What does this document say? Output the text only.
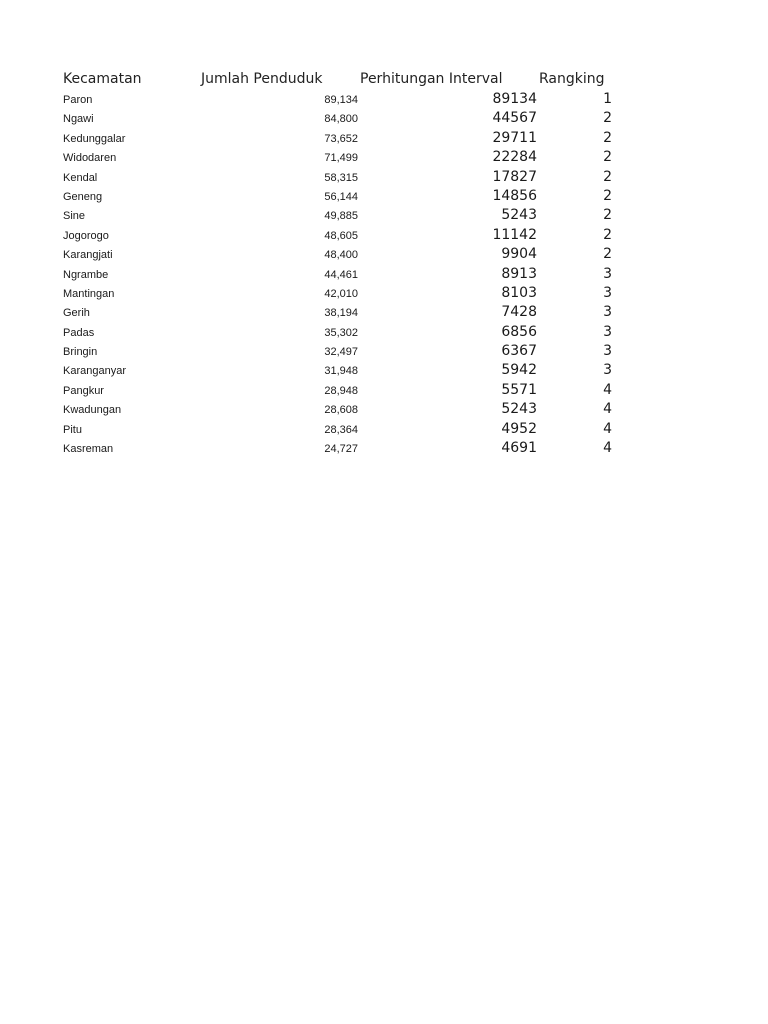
Kecamatan	Jumlah Penduduk	Perhitungan Interval	Rangking
Paron	89,134	89134	1
Ngawi	84,800	44567	2
Kedunggalar	73,652	29711	2
Widodaren	71,499	22284	2
Kendal	58,315	17827	2
Geneng	56,144	14856	2
Sine	49,885	5243	2
Jogorogo	48,605	11142	2
Karangjati	48,400	9904	2
Ngrambe	44,461	8913	3
Mantingan	42,010	8103	3
Gerih	38,194	7428	3
Padas	35,302	6856	3
Bringin	32,497	6367	3
Karanganyar	31,948	5942	3
Pangkur	28,948	5571	4
Kwadungan	28,608	5243	4
Pitu	28,364	4952	4
Kasreman	24,727	4691	4
